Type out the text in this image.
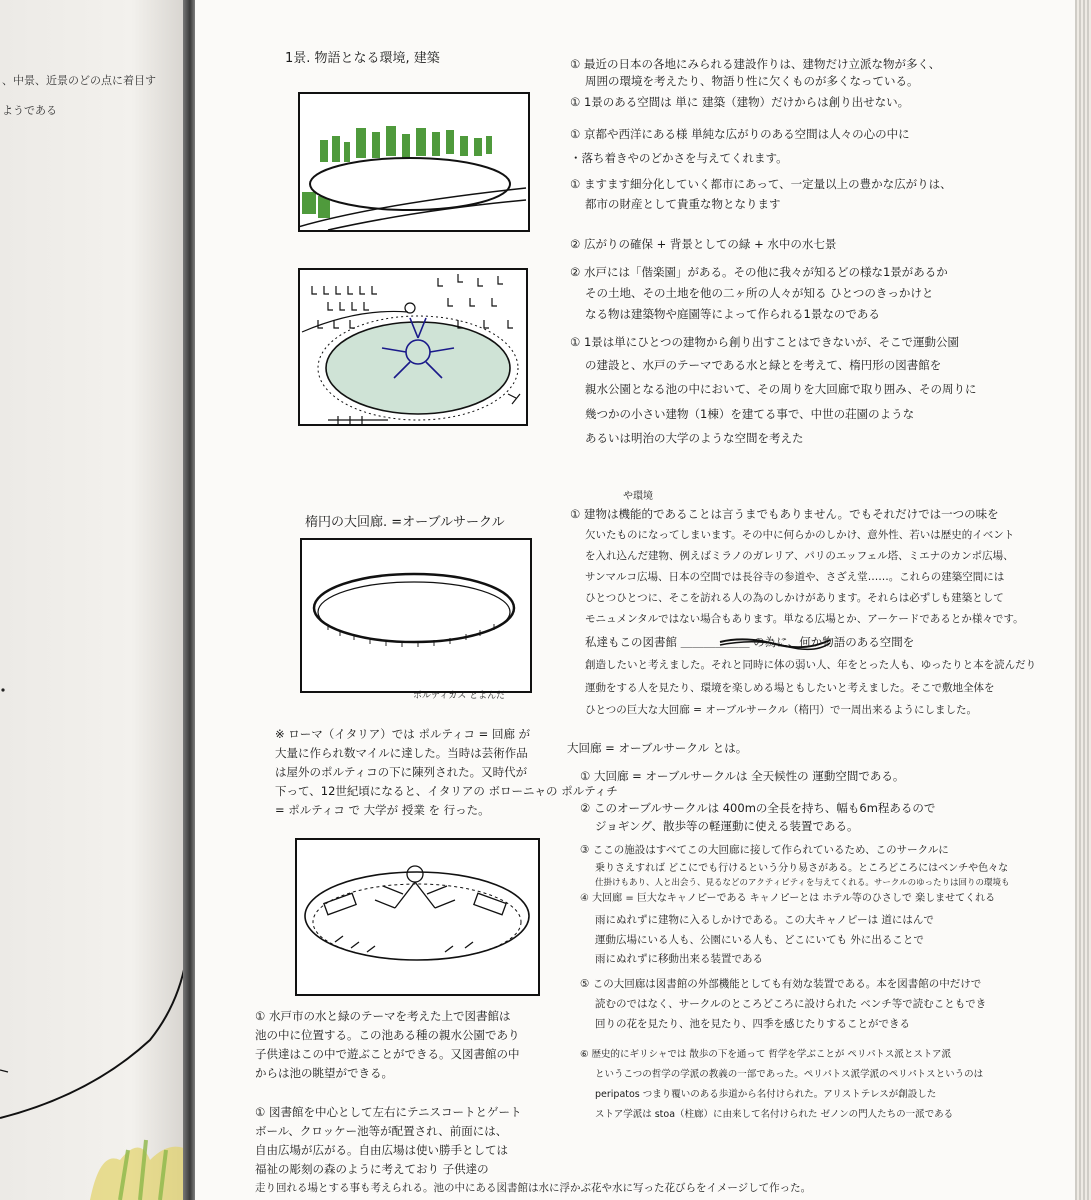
、中景、近景のどの点に着目す
ようである
1景. 物語となる環境, 建築
楕円の大回廊. =オーブルサークル
ポルティカス とよんだ
※ ローマ（イタリア）では ポルティコ = 回廊 が
大量に作られ数マイルに達した。当時は芸術作品
は屋外のポルティコの下に陳列された。又時代が
下って、12世紀頃になると、イタリアの ボローニャの ポルティチ
= ポルティコ で 大学が 授業 を 行った。
① 水戸市の水と緑のテーマを考えた上で図書館は
池の中に位置する。この池ある種の親水公園であり
子供達はこの中で遊ぶことができる。又図書館の中
からは池の眺望ができる。
① 図書館を中心として左右にテニスコートとゲート
ボール、クロッケー池等が配置され、前面には、
自由広場が広がる。自由広場は使い勝手としては
福祉の彫刻の森のように考えており 子供達の
走り回れる場とする事も考えられる。池の中にある図書館は水に浮かぶ花や水に写った花びらをイメージして作った。
① 最近の日本の各地にみられる建設作りは、建物だけ立派な物が多く、
周囲の環境を考えたり、物語り性に欠くものが多くなっている。
① 1景のある空間は 単に 建築（建物）だけからは創り出せない。
① 京都や西洋にある様 単純な広がりのある空間は人々の心の中に
・落ち着きやのどかさを与えてくれます。
① ますます細分化していく都市にあって、一定量以上の豊かな広がりは、
都市の財産として貴重な物となります
② 広がりの確保 + 背景としての緑 + 水中の水七景
② 水戸には「偕楽園」がある。その他に我々が知るどの様な1景があるか
その土地、その土地を他の二ヶ所の人々が知る ひとつのきっかけと
なる物は建築物や庭園等によって作られる1景なのである
① 1景は単にひとつの建物から創り出すことはできないが、そこで運動公園
の建設と、水戸のテーマである水と緑とを考えて、楕円形の図書館を
親水公園となる池の中において、その周りを大回廊で取り囲み、その周りに
幾つかの小さい建物（1棟）を建てる事で、中世の荘園のような
あるいは明治の大学のような空間を考えた
や環境
① 建物は機能的であることは言うまでもありません。でもそれだけでは一つの味を
欠いたものになってしまいます。その中に何らかのしかけ、意外性、若いは歴史的イベント
を入れ込んだ建物、例えばミラノのガレリア、パリのエッフェル塔、ミエナのカンポ広場、
サンマルコ広場、日本の空間では長谷寺の参道や、さざえ堂……。これらの建築空間には
ひとつひとつに、そこを訪れる人の為のしかけがあります。それらは必ずしも建築として
モニュメンタルではない場合もあります。単なる広場とか、アーケードであるとか様々です。
私達もこの図書館 ＿＿＿＿＿＿ の為に、何か物語のある空間を
創造したいと考えました。それと同時に体の弱い人、年をとった人も、ゆったりと本を読んだり
運動をする人を見たり、環境を楽しめる場ともしたいと考えました。そこで敷地全体を
ひとつの巨大な大回廊 = オーブルサークル（楕円）で一周出来るようにしました。
大回廊 = オーブルサークル とは。
① 大回廊 = オーブルサークルは 全天候性の 運動空間である。
② このオーブルサークルは 400mの全長を持ち、幅も6m程あるので
ジョギング、散歩等の軽運動に使える装置である。
③ ここの施設はすべてこの大回廊に接して作られているため、このサークルに
乗りさえすれば どこにでも行けるという分り易さがある。ところどころにはベンチや色々な
仕掛けもあり、人と出会う、見るなどのアクティビティを与えてくれる。サークルのゆったりは回りの環境も
④ 大回廊 = 巨大なキャノピーである キャノピーとは ホテル等のひさしで 楽しませてくれる
雨にぬれずに建物に入るしかけである。この大キャノピーは 道にはんで
運動広場にいる人も、公園にいる人も、どこにいても 外に出ることで
雨にぬれずに移動出来る装置である
⑤ この大回廊は図書館の外部機能としても有効な装置である。本を図書館の中だけで
読むのではなく、サークルのところどころに設けられた ベンチ等で読むこともでき
回りの花を見たり、池を見たり、四季を感じたりすることができる
⑥ 歴史的にギリシャでは 散歩の下を通って 哲学を学ぶことが ペリパトス派とストア派
というこつの哲学の学派の教義の一部であった。ペリパトス派学派のペリパトスというのは
peripatos つまり覆いのある歩道から名付けられた。アリストテレスが創設した
ストア学派は stoa（柱廊）に由来して名付けられた ゼノンの門人たちの一派である
